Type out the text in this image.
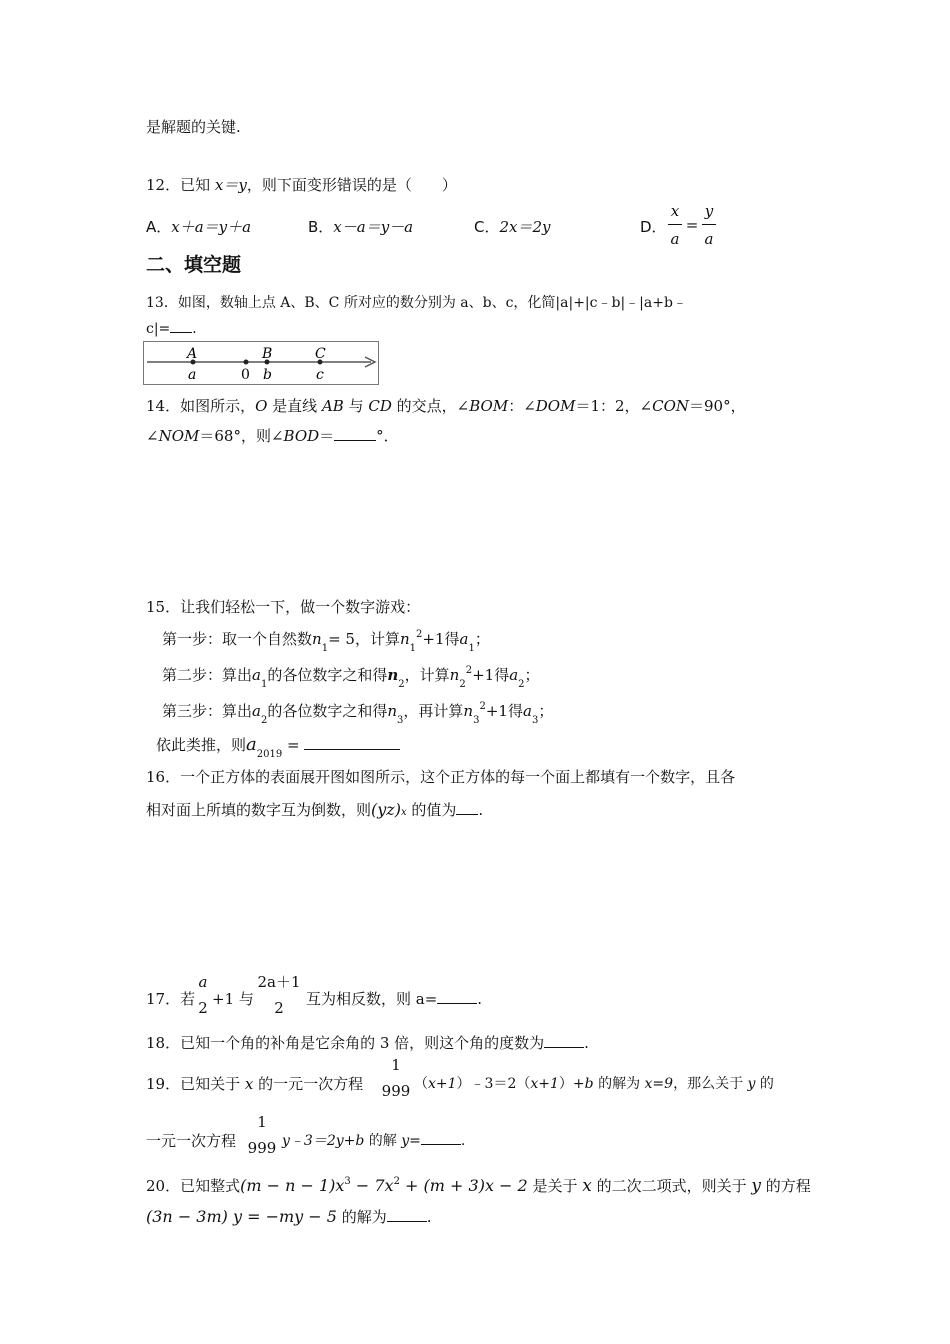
是解题的关键.
12．已知 x＝y，则下面变形错误的是（　　）
A．x＋a＝y＋a	B．x－a＝y－a	C．2x＝2y	D．
x
a
=
y
a
二、填空题
13．如图，数轴上点 A、B、C 所对应的数分别为 a、b、c，化简|a|+|c﹣b|﹣|a+b﹣
c|= .
A	B	C
a	0 b	c
14．如图所示，O 是直线 AB 与 CD 的交点，∠BOM：∠DOM＝1：2，∠CON＝90°，
∠NOM＝68°，则∠BOD＝	°．
15．让我们轻松一下，做一个数字游戏：
第一步：取一个自然数$n_1= 5$，计算$n_1^2+1$得$a_1$；
第二步：算出$a_1$的各位数字之和得$n_2$，计算$n_2^2+1$得$a_2$；
第三步：算出$a_2$的各位数字之和得$n_3$，再计算$n_3^2+1$得$a_3$；
依此类推，则$a_{2019}$ =
16．一个正方体的表面展开图如图所示，这个正方体的每一个面上都填有一个数字，且各
相对面上所填的数字互为倒数，则(yz)x 的值为 .
17．若
a
2 +1 与
2a＋1
2	互为相反数，则 a=	.
18．已知一个角的补角是它余角的 3 倍，则这个角的度数为	.
19．已知关于 x 的一元一次方程
1
999 （x+1）﹣3＝2（x+1）+b 的解为 x=9，那么关于 y 的
一元一次方程
1
999 y﹣3＝2y+b 的解 y=	.
20．已知整式$(m - n - 1)x^3 - 7x^2 + (m + 3)x - 2$ 是关于 x 的二次二项式，则关于 y 的方程
(3n − 3m) y = −my − 5 的解为	.
